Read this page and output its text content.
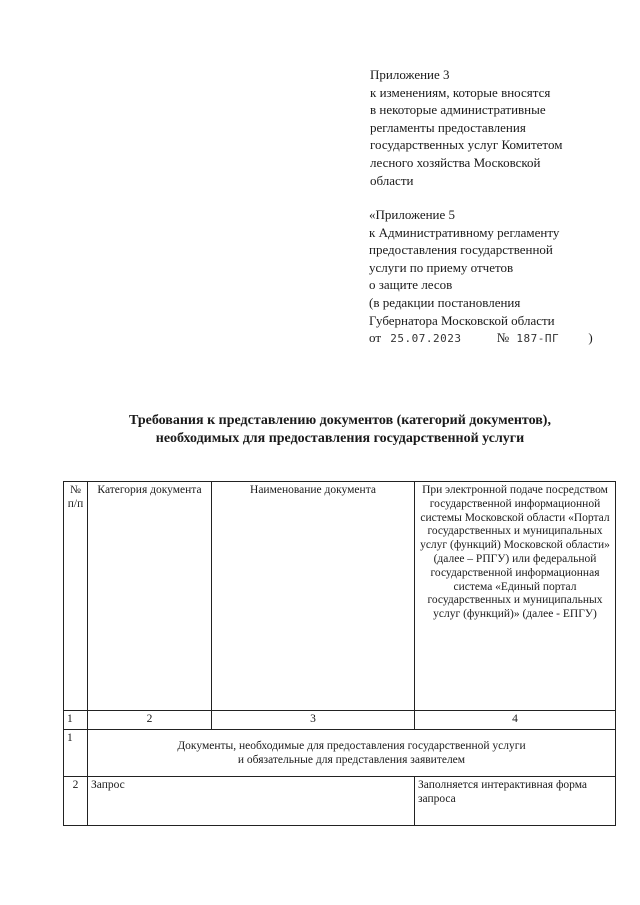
Приложение 3
к изменениям, которые вносятся
в некоторые административные
регламенты предоставления
государственных услуг Комитетом
лесного хозяйства Московской
области
«Приложение 5
к Административному регламенту
предоставления государственной
услуги по приему отчетов
о защите лесов
(в редакции постановления
Губернатора Московской области
от 25.07.2023	№ 187-ПГ )
Требования к представлению документов (категорий документов),
необходимых для предоставления государственной услуги
№ п/п	Категория документа	Наименование документа	При электронной подаче посредством государственной информационной системы Московской области «Портал государственных и муниципальных услуг (функций) Московской области» (далее – РПГУ) или федеральной государственной информационная система «Единый портал государственных и муниципальных услуг (функций)» (далее - ЕПГУ)
1	2	3	4
1	Документы, необходимые для предоставления государственной услуги
и обязательные для представления заявителем		

2	Запрос		Заполняется интерактивная форма запроса
